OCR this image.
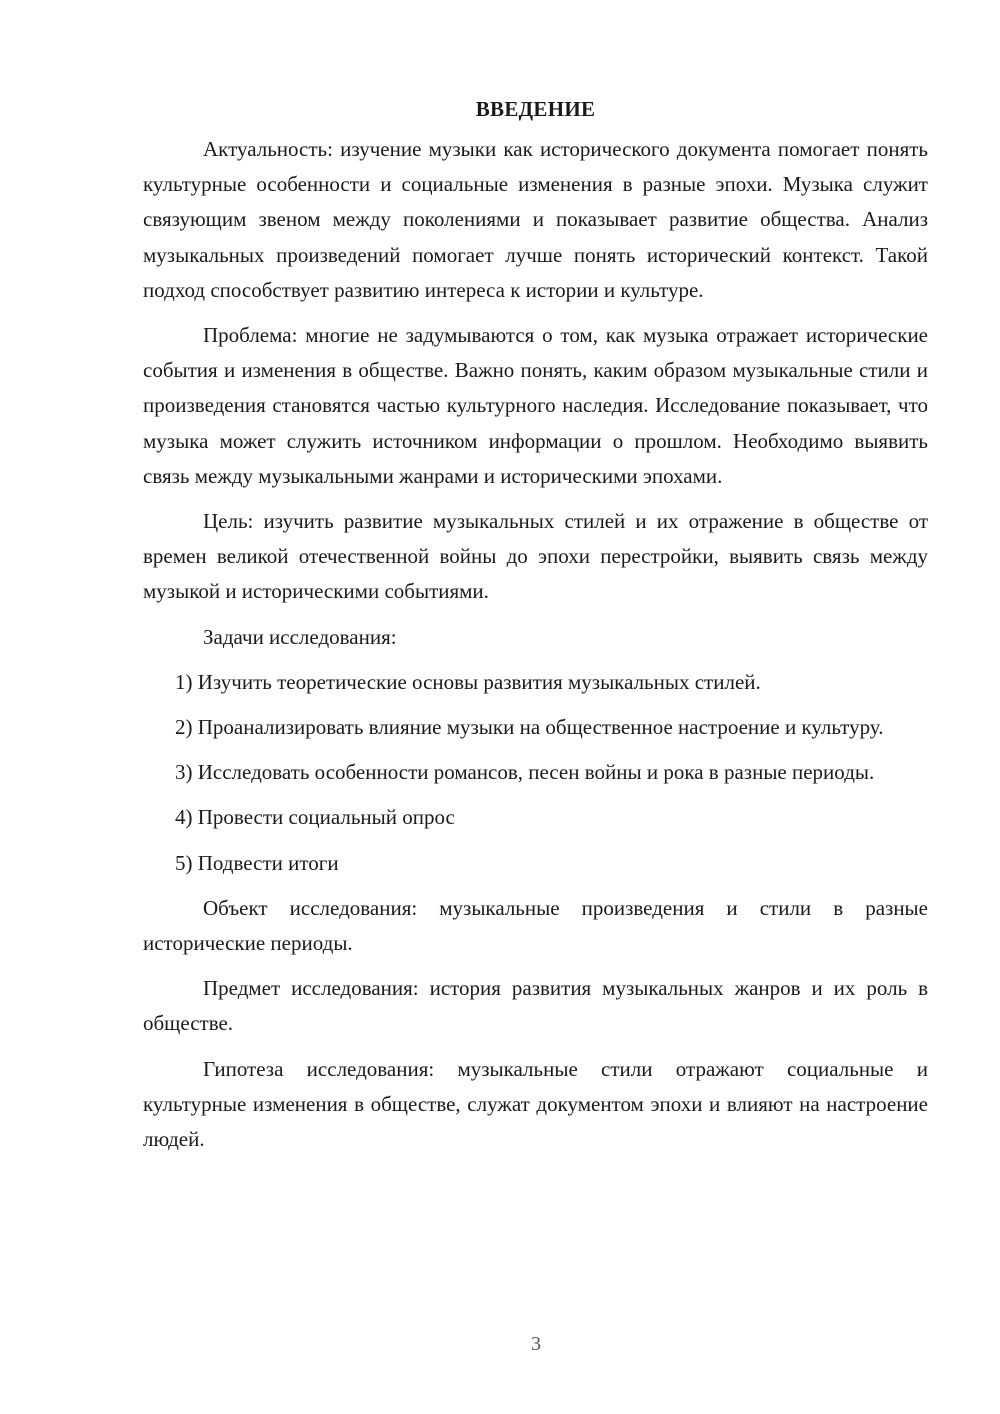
ВВЕДЕНИЕ

Актуальность: изучение музыки как исторического документа помогает понять культурные особенности и социальные изменения в разные эпохи. Музыка служит связующим звеном между поколениями и показывает развитие общества. Анализ музыкальных произведений помогает лучше понять исторический контекст. Такой подход способствует развитию интереса к истории и культуре.

Проблема: многие не задумываются о том, как музыка отражает исторические события и изменения в обществе. Важно понять, каким образом музыкальные стили и произведения становятся частью культурного наследия. Исследование показывает, что музыка может служить источником информации о прошлом. Необходимо выявить связь между музыкальными жанрами и историческими эпохами.

Цель: изучить развитие музыкальных стилей и их отражение в обществе от времен великой отечественной войны до эпохи перестройки, выявить связь между музыкой и историческими событиями.

Задачи исследования:

1) Изучить теоретические основы развития музыкальных стилей.

2) Проанализировать влияние музыки на общественное настроение и культуру.

3) Исследовать особенности романсов, песен войны и рока в разные периоды.

4) Провести социальный опрос

5) Подвести итоги

Объект исследования: музыкальные произведения и стили в разные исторические периоды.

Предмет исследования: история развития музыкальных жанров и их роль в обществе.

Гипотеза исследования: музыкальные стили отражают социальные и культурные изменения в обществе, служат документом эпохи и влияют на настроение людей.

3
